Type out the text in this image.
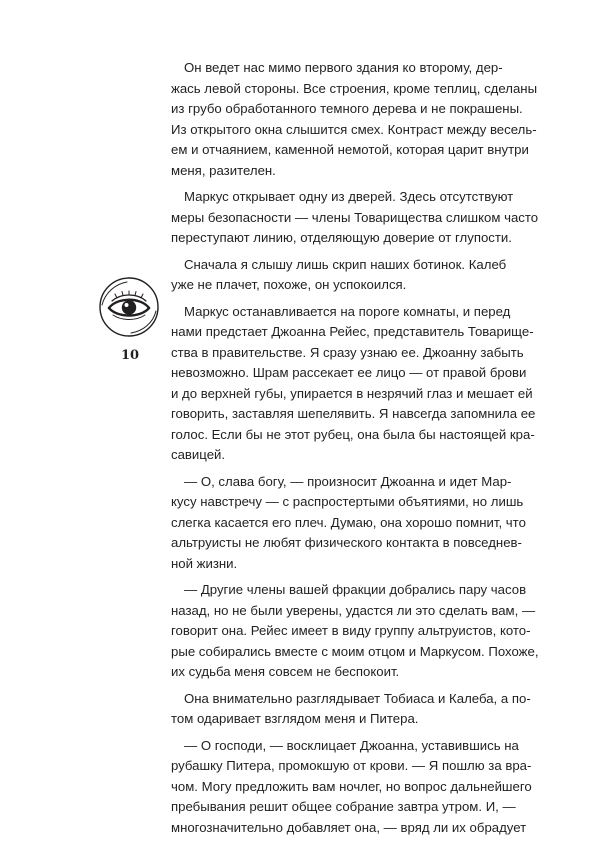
10

Он ведет нас мимо первого здания ко второму, дер-
жась левой стороны. Все строения, кроме теплиц, сделаны
из грубо обработанного темного дерева и не покрашены.
Из открытого окна слышится смех. Контраст между весель-
ем и отчаянием, каменной немотой, которая царит внутри
меня, разителен.

Маркус открывает одну из дверей. Здесь отсутствуют
меры безопасности — члены Товарищества слишком часто
переступают линию, отделяющую доверие от глупости.

Сначала я слышу лишь скрип наших ботинок. Калеб
уже не плачет, похоже, он успокоился.

Маркус останавливается на пороге комнаты, и перед
нами предстает Джоанна Рейес, представитель Товарище-
ства в правительстве. Я сразу узнаю ее. Джоанну забыть
невозможно. Шрам рассекает ее лицо — от правой брови
и до верхней губы, упирается в незрячий глаз и мешает ей
говорить, заставляя шепелявить. Я навсегда запомнила ее
голос. Если бы не этот рубец, она была бы настоящей кра-
савицей.

— О, слава богу, — произносит Джоанна и идет Мар-
кусу навстречу — с распростертыми объятиями, но лишь
слегка касается его плеч. Думаю, она хорошо помнит, что
альтруисты не любят физического контакта в повседнев-
ной жизни.

— Другие члены вашей фракции добрались пару часов
назад, но не были уверены, удастся ли это сделать вам, —
говорит она. Рейес имеет в виду группу альтруистов, кото-
рые собирались вместе с моим отцом и Маркусом. Похоже,
их судьба меня совсем не беспокоит.

Она внимательно разглядывает Тобиаса и Калеба, а по-
том одаривает взглядом меня и Питера.

— О господи, — восклицает Джоанна, уставившись на
рубашку Питера, промокшую от крови. — Я пошлю за вра-
чом. Могу предложить вам ночлег, но вопрос дальнейшего
пребывания решит общее собрание завтра утром. И, —
многозначительно добавляет она, — вряд ли их обрадует
